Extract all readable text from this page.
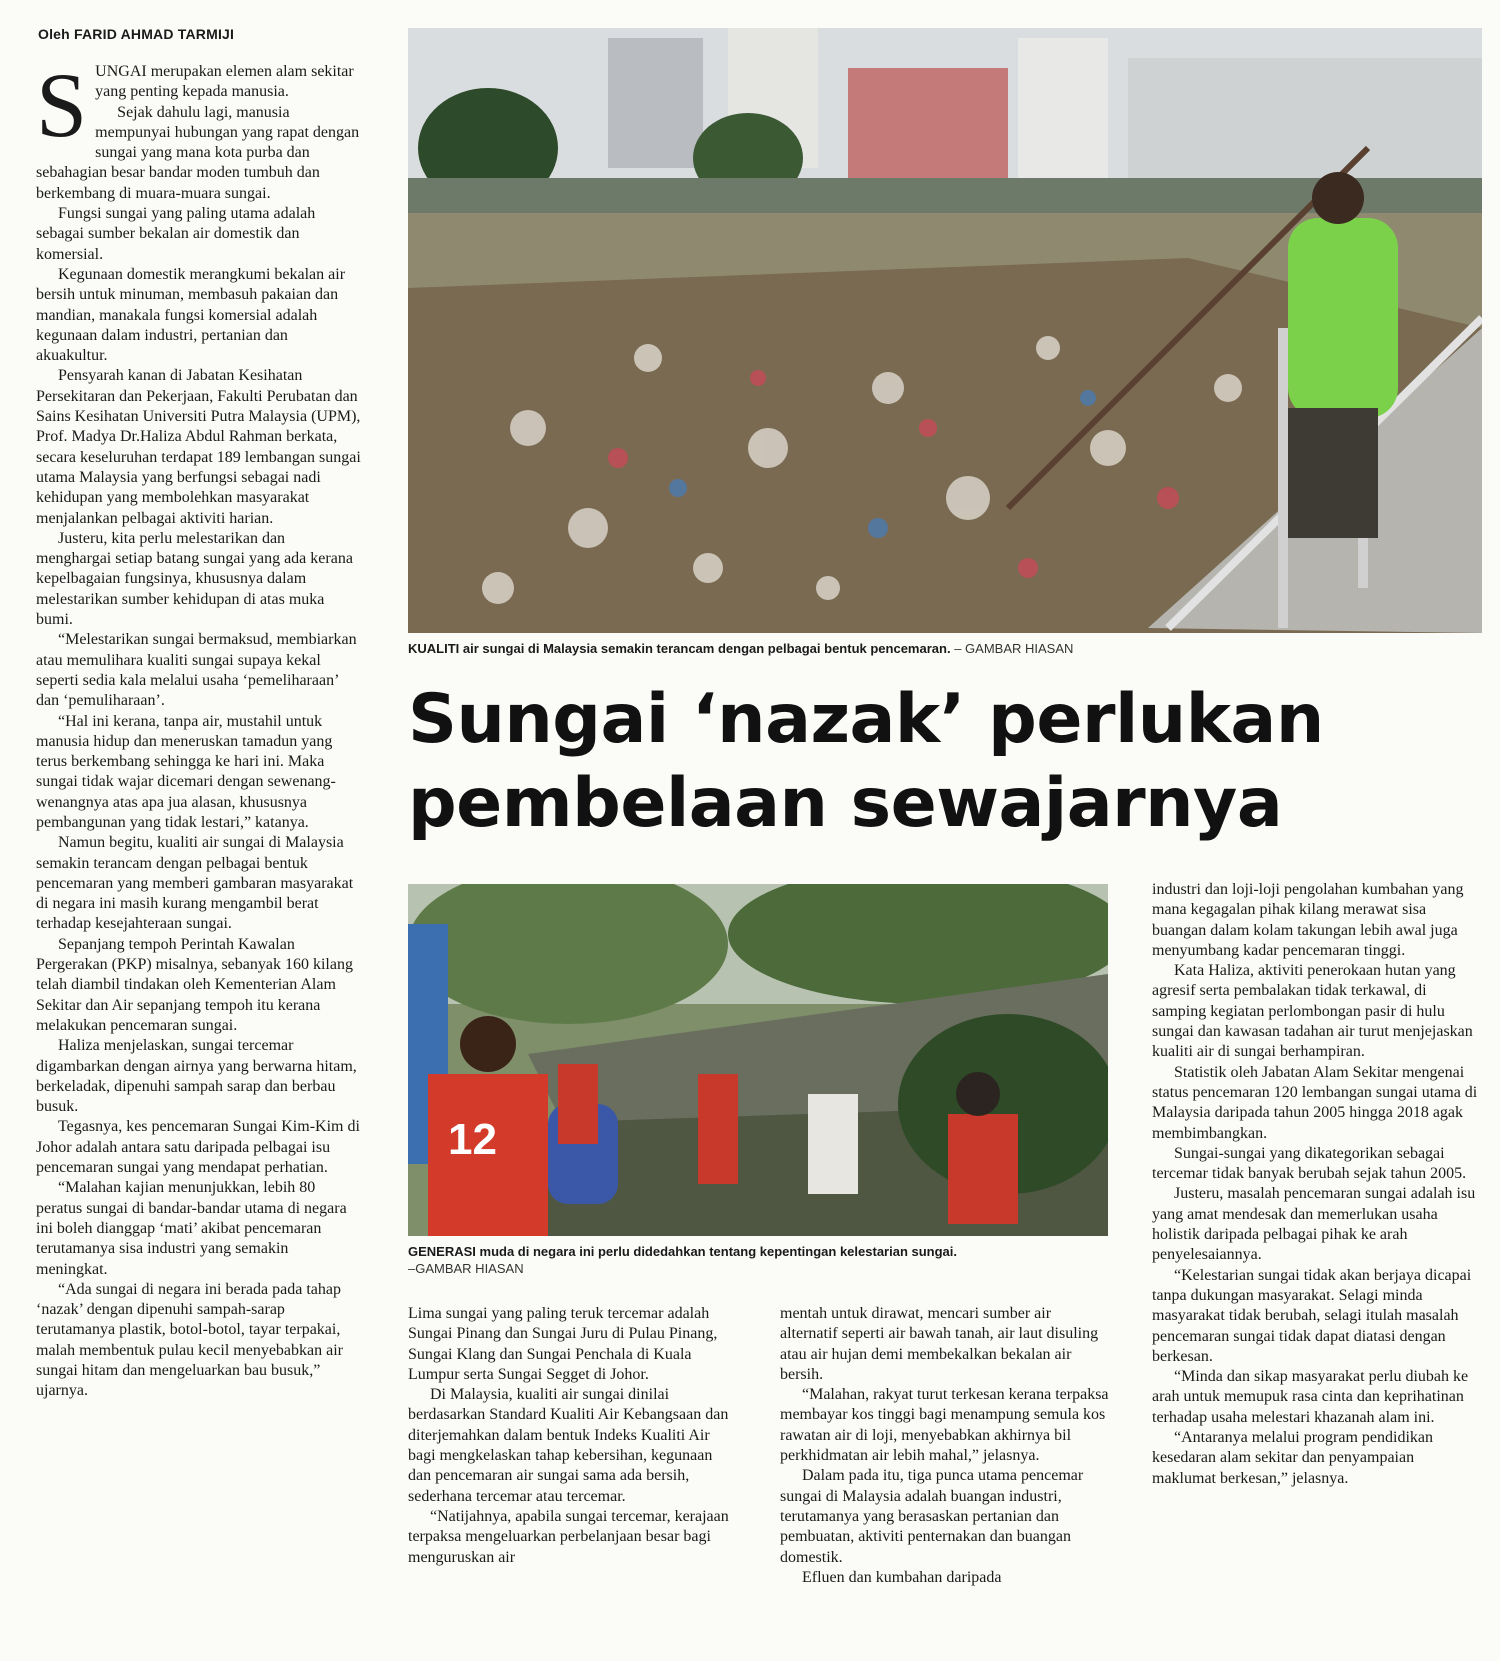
Oleh FARID AHMAD TARMIJI
S UNGAI merupakan elemen alam sekitar yang penting kepada manusia.

Sejak dahulu lagi, manusia mempunyai hubungan yang rapat dengan sungai yang mana kota purba dan sebahagian besar bandar moden tumbuh dan berkembang di muara-muara sungai.

Fungsi sungai yang paling utama adalah sebagai sumber bekalan air domestik dan komersial.

Kegunaan domestik merangkumi bekalan air bersih untuk minuman, membasuh pakaian dan mandian, manakala fungsi komersial adalah kegunaan dalam industri, pertanian dan akuakultur.

Pensyarah kanan di Jabatan Kesihatan Persekitaran dan Pekerjaan, Fakulti Perubatan dan Sains Kesihatan Universiti Putra Malaysia (UPM), Prof. Madya Dr.Haliza Abdul Rahman berkata, secara keseluruhan terdapat 189 lembangan sungai utama Malaysia yang berfungsi sebagai nadi kehidupan yang membolehkan masyarakat menjalankan pelbagai aktiviti harian.

Justeru, kita perlu melestarikan dan menghargai setiap batang sungai yang ada kerana kepelbagaian fungsinya, khususnya dalam melestarikan sumber kehidupan di atas muka bumi.

“Melestarikan sungai bermaksud, membiarkan atau memulihara kualiti sungai supaya kekal seperti sedia kala melalui usaha ‘pemeliharaan’ dan ‘pemuliharaan’.

“Hal ini kerana, tanpa air, mustahil untuk manusia hidup dan meneruskan tamadun yang terus berkembang sehingga ke hari ini. Maka sungai tidak wajar dicemari dengan sewenang-wenangnya atas apa jua alasan, khususnya pembangunan yang tidak lestari,” katanya.

Namun begitu, kualiti air sungai di Malaysia semakin terancam dengan pelbagai bentuk pencemaran yang memberi gambaran masyarakat di negara ini masih kurang mengambil berat terhadap kesejahteraan sungai.

Sepanjang tempoh Perintah Kawalan Pergerakan (PKP) misalnya, sebanyak 160 kilang telah diambil tindakan oleh Kementerian Alam Sekitar dan Air sepanjang tempoh itu kerana melakukan pencemaran sungai.

Haliza menjelaskan, sungai tercemar digambarkan dengan airnya yang berwarna hitam, berkeladak, dipenuhi sampah sarap dan berbau busuk.

Tegasnya, kes pencemaran Sungai Kim-Kim di Johor adalah antara satu daripada pelbagai isu pencemaran sungai yang mendapat perhatian.

“Malahan kajian menunjukkan, lebih 80 peratus sungai di bandar-bandar utama di negara ini boleh dianggap ‘mati’ akibat pencemaran terutamanya sisa industri yang semakin meningkat.

“Ada sungai di negara ini berada pada tahap ‘nazak’ dengan dipenuhi sampah-sarap terutamanya plastik, botol-botol, tayar terpakai, malah membentuk pulau kecil menyebabkan air sungai hitam dan mengeluarkan bau busuk,” ujarnya.

KUALITI air sungai di Malaysia semakin terancam dengan pelbagai bentuk pencemaran. – GAMBAR HIASAN
Sungai ‘nazak’ perlukan
pembelaan sewajarnya
12
GENERASI muda di negara ini perlu didedahkan tentang kepentingan kelestarian sungai.
–GAMBAR HIASAN

Lima sungai yang paling teruk tercemar adalah Sungai Pinang dan Sungai Juru di Pulau Pinang, Sungai Klang dan Sungai Penchala di Kuala Lumpur serta Sungai Segget di Johor.

Di Malaysia, kualiti air sungai dinilai berdasarkan Standard Kualiti Air Kebangsaan dan diterjemahkan dalam bentuk Indeks Kualiti Air bagi mengkelaskan tahap kebersihan, kegunaan dan pencemaran air sungai sama ada bersih, sederhana tercemar atau tercemar.

“Natijahnya, apabila sungai tercemar, kerajaan terpaksa mengeluarkan perbelanjaan besar bagi menguruskan air

mentah untuk dirawat, mencari sumber air alternatif seperti air bawah tanah, air laut disuling atau air hujan demi membekalkan bekalan air bersih.

“Malahan, rakyat turut terkesan kerana terpaksa membayar kos tinggi bagi menampung semula kos rawatan air di loji, menyebabkan akhirnya bil perkhidmatan air lebih mahal,” jelasnya.

Dalam pada itu, tiga punca utama pencemar sungai di Malaysia adalah buangan industri, terutamanya yang berasaskan pertanian dan pembuatan, aktiviti penternakan dan buangan domestik.

Efluen dan kumbahan daripada

industri dan loji-loji pengolahan kumbahan yang mana kegagalan pihak kilang merawat sisa buangan dalam kolam takungan lebih awal juga menyumbang kadar pencemaran tinggi.

Kata Haliza, aktiviti penerokaan hutan yang agresif serta pembalakan tidak terkawal, di samping kegiatan perlombongan pasir di hulu sungai dan kawasan tadahan air turut menjejaskan kualiti air di sungai berhampiran.

Statistik oleh Jabatan Alam Sekitar mengenai status pencemaran 120 lembangan sungai utama di Malaysia daripada tahun 2005 hingga 2018 agak membimbangkan.

Sungai-sungai yang dikategorikan sebagai tercemar tidak banyak berubah sejak tahun 2005.

Justeru, masalah pencemaran sungai adalah isu yang amat mendesak dan memerlukan usaha holistik daripada pelbagai pihak ke arah penyelesaiannya.

“Kelestarian sungai tidak akan berjaya dicapai tanpa dukungan masyarakat. Selagi minda masyarakat tidak berubah, selagi itulah masalah pencemaran sungai tidak dapat diatasi dengan berkesan.

“Minda dan sikap masyarakat perlu diubah ke arah untuk memupuk rasa cinta dan keprihatinan terhadap usaha melestari khazanah alam ini.

“Antaranya melalui program pendidikan kesedaran alam sekitar dan penyampaian maklumat berkesan,” jelasnya.
